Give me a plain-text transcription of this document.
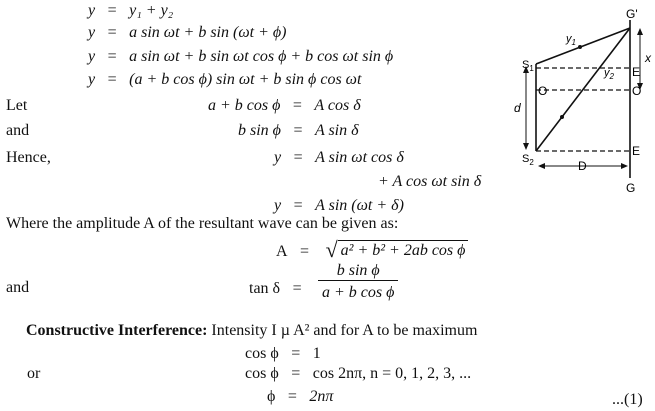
y = y₁ + y₂
y = a sin ωt + b sin (ωt + ϕ)
y = a sin ωt + b sin ωt cos ϕ + b cos ωt sin ϕ
y = (a + b cos ϕ) sin ωt + b sin ϕ cos ωt
Let	a + b cos ϕ = A cos δ
and	b sin ϕ = A sin δ
Hence,	y = A sin ωt cos δ
+ A cos ωt sin δ
y = A sin (ωt + δ)
Where the amplitude A of the resultant wave can be given as:
A = √ a² + b² + 2ab cos ϕ
and	tan δ =	$\frac{\text{b sin ϕ}}{\text{a + b cos ϕ}}$
Constructive Interference: Intensity I µ A² and for A to be maximum
cos ϕ = 1
or	cos ϕ = cos 2nπ, n = 0, 1, 2, 3, ...
ϕ = 2nπ	...(1)
G'
G
$S_1$
$S_2$
$y_1$
$y_2$
O	O
E
E
d
D
x
